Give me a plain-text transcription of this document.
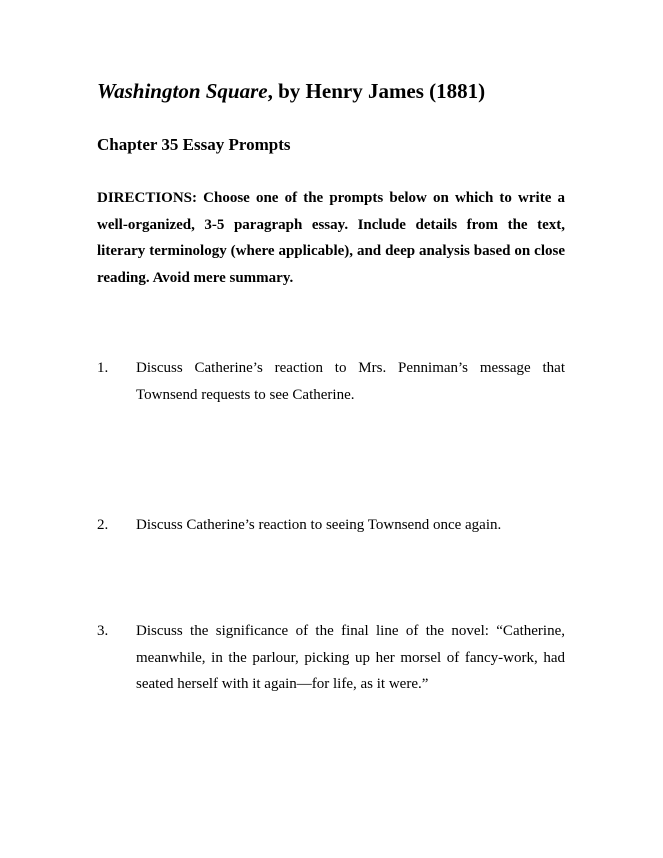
Washington Square, by Henry James (1881)
Chapter 35 Essay Prompts

DIRECTIONS: Choose one of the prompts below on which to write a well-organized, 3-5 paragraph essay. Include details from the text, literary terminology (where applicable), and deep analysis based on close reading. Avoid mere summary.

1.	Discuss Catherine’s reaction to Mrs. Penniman’s message that Townsend requests to see Catherine.
2.	Discuss Catherine’s reaction to seeing Townsend once again.
3.	Discuss the significance of the final line of the novel: “Catherine, meanwhile, in the parlour, picking up her morsel of fancy-work, had seated herself with it again—for life, as it were.”
